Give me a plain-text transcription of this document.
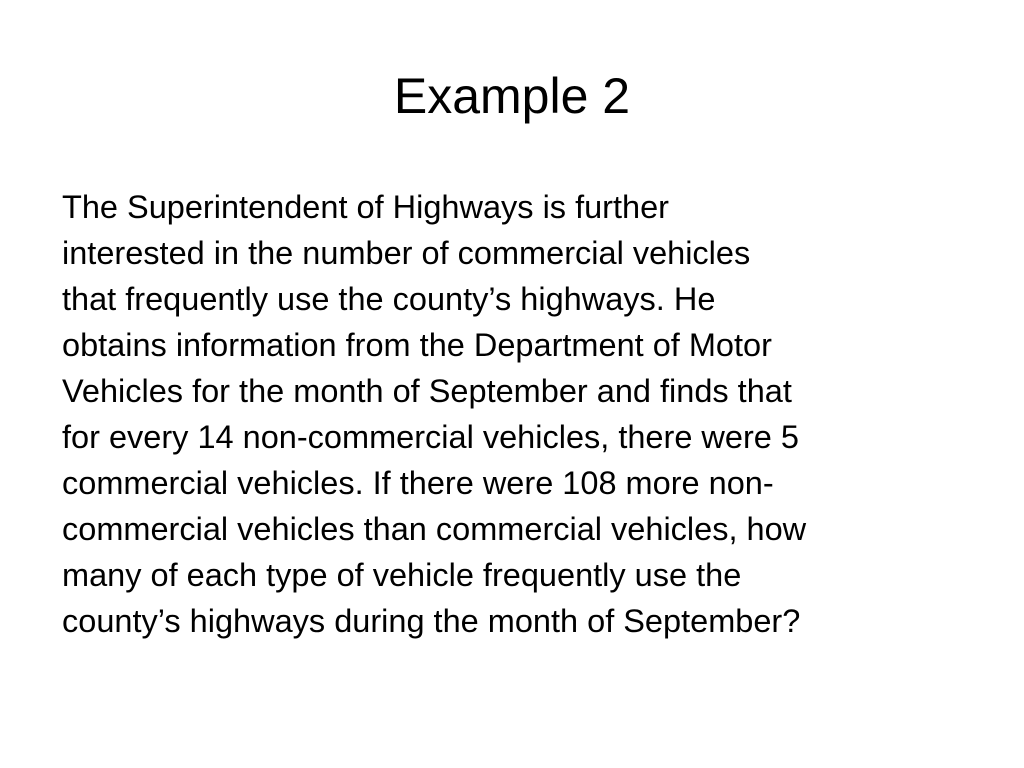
Example 2

The Superintendent of Highways is further
interested in the number of commercial vehicles
that frequently use the county’s highways. He
obtains information from the Department of Motor
Vehicles for the month of September and finds that
for every 14 non-commercial vehicles, there were 5
commercial vehicles. If there were 108 more non-
commercial vehicles than commercial vehicles, how
many of each type of vehicle frequently use the
county’s highways during the month of September?
